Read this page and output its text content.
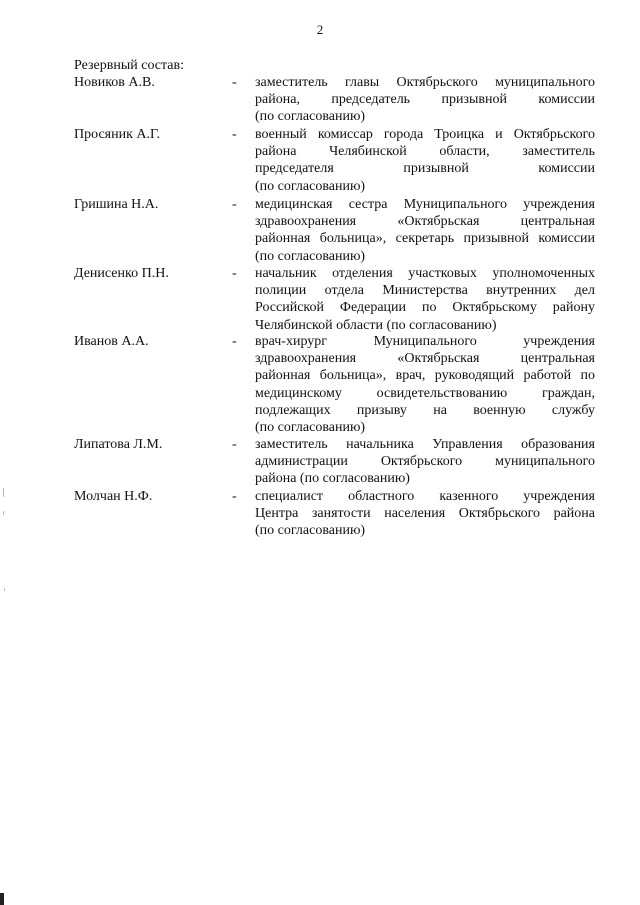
2
Резервный состав:
Новиков А.В.	- заместитель главы Октябрьского муниципального

района, председатель призывной комиссии

(по согласованию)

Просяник А.Г.	- военный комиссар города Троицка и Октябрьского

района Челябинской области, заместитель

председателя призывной комиссии

(по согласованию)

Гришина Н.А.	- медицинская сестра Муниципального учреждения

здравоохранения «Октябрьская центральная

районная больница», секретарь призывной комиссии

(по согласованию)

Денисенко П.Н.	- начальник отделения участковых уполномоченных

полиции отдела Министерства внутренних дел

Российской Федерации по Октябрьскому району

Челябинской области (по согласованию)

Иванов А.А.	- врач-хирург Муниципального учреждения

здравоохранения «Октябрьская центральная

районная больница», врач, руководящий работой по

медицинскому освидетельствованию граждан,

подлежащих призыву на военную службу

(по согласованию)

Липатова Л.М.	- заместитель начальника Управления образования

администрации Октябрьского муниципального

района (по согласованию)

Молчан Н.Ф.	- специалист областного казенного учреждения

Центра занятости населения Октябрьского района

(по согласованию)
